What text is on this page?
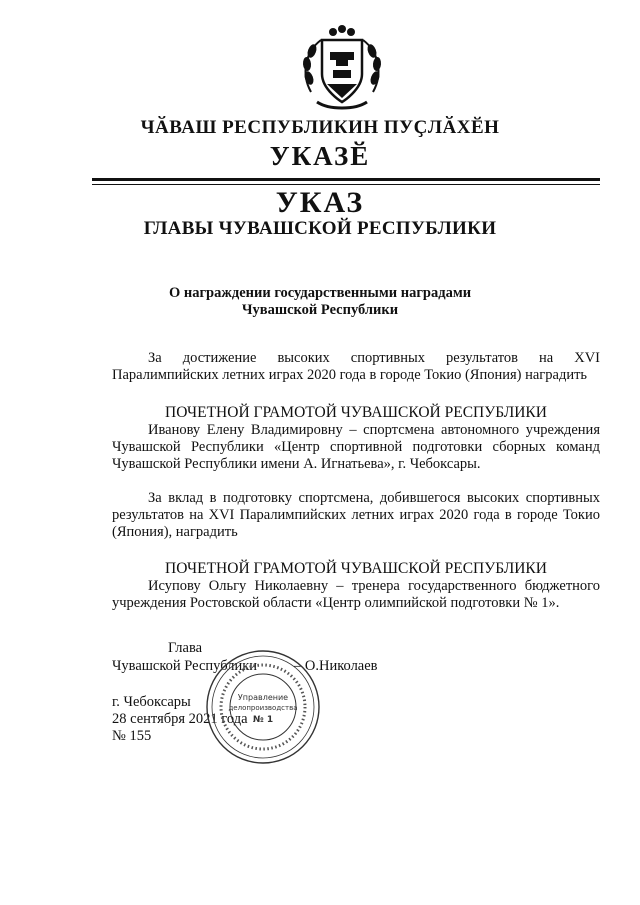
ЧӐВАШ РЕСПУБЛИКИН ПУҪЛӐХӖН
УКАЗӖ
УКАЗ
ГЛАВЫ ЧУВАШСКОЙ РЕСПУБЛИКИ
О награждении государственными наградами
Чувашской Республики
За достижение высоких спортивных результатов на XVI Паралимпийских летних играх 2020 года в городе Токио (Япония) наградить
ПОЧЕТНОЙ ГРАМОТОЙ ЧУВАШСКОЙ РЕСПУБЛИКИ
Иванову Елену Владимировну – спортсмена автономного учреждения Чувашской Республики «Центр спортивной подготовки сборных команд Чувашской Республики имени А. Игнатьева», г. Чебоксары.
За вклад в подготовку спортсмена, добившегося высоких спортивных результатов на XVI Паралимпийских летних играх 2020 года в городе Токио (Япония), наградить
ПОЧЕТНОЙ ГРАМОТОЙ ЧУВАШСКОЙ РЕСПУБЛИКИ
Исупову Ольгу Николаевну – тренера государственного бюджетного учреждения Ростовской области «Центр олимпийской подготовки № 1».
Глава
Чувашской Республики	– О.Николаев
г. Чебоксары
28 сентября 2021 года
№ 155
Управление
делопроизводства
№ 1
